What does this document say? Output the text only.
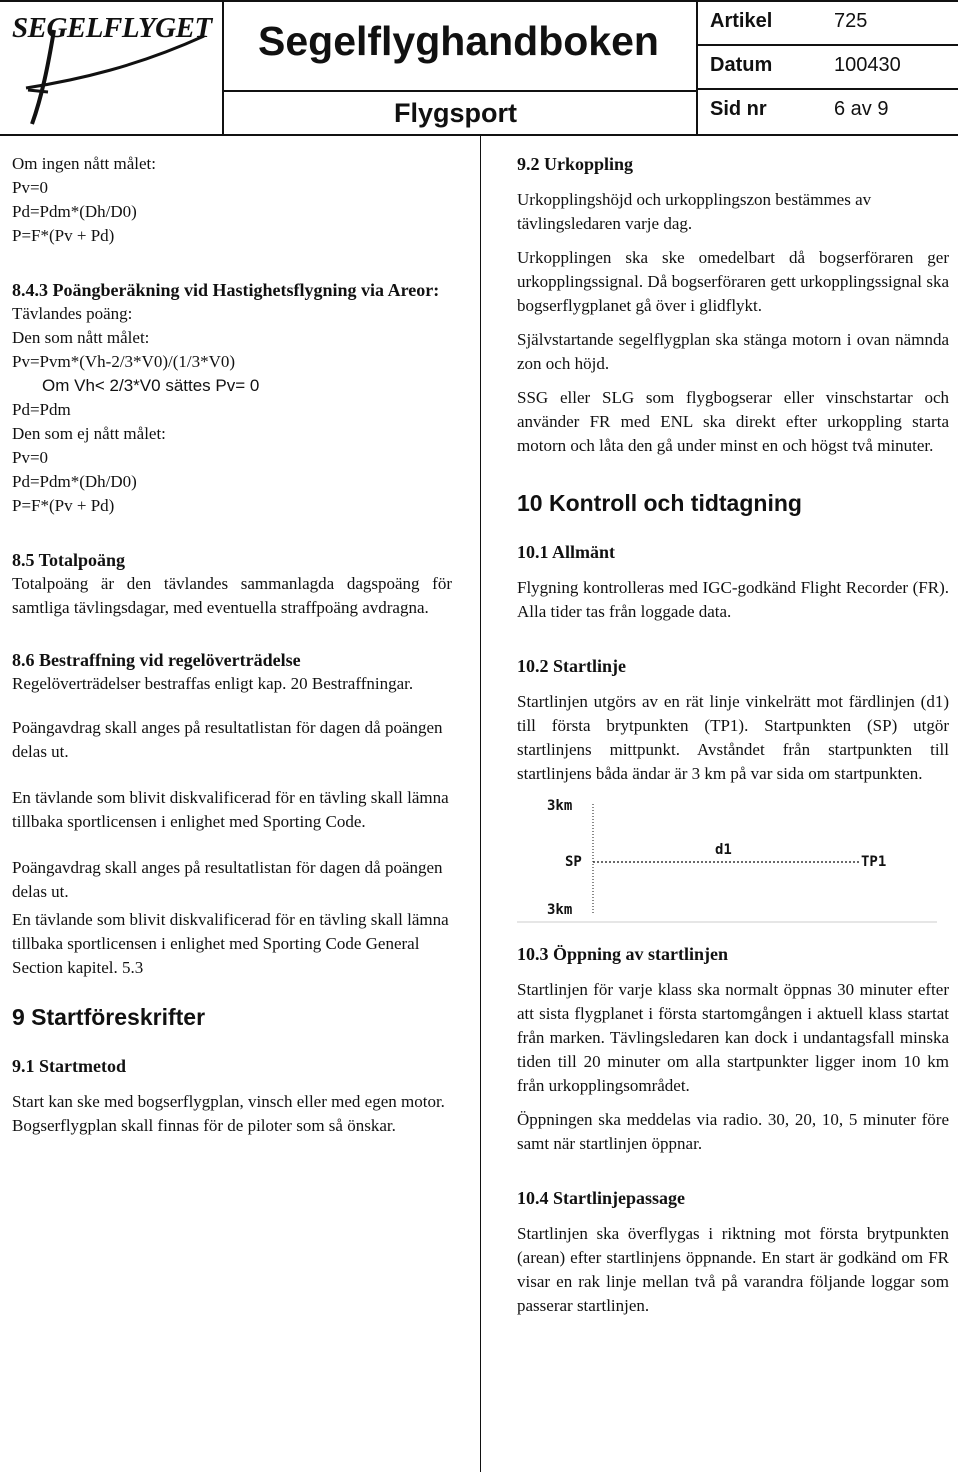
SEGELFLYGET Segelflyghandboken
Flygsport
Artikel	725
Datum	100430
Sid nr	6 av 9

Om ingen nått målet:

Pv=0

Pd=Pdm*(Dh/D0)

P=F*(Pv + Pd)

8.4.3 Poängberäkning vid Hastighetsflygning via Areor:

Tävlandes poäng:

Den som nått målet:

Pv=Pvm*(Vh-2/3*V0)/(1/3*V0)

Om Vh< 2/3*V0 sättes Pv= 0

Pd=Pdm

Den som ej nått målet:

Pv=0

Pd=Pdm*(Dh/D0)

P=F*(Pv + Pd)

8.5 Totalpoäng

Totalpoäng är den tävlandes sammanlagda dagspoäng för samtliga tävlingsdagar, med eventuella straffpoäng avdragna.

8.6 Bestraffning vid regelöverträdelse

Regelöverträdelser bestraffas enligt kap. 20 Bestraffningar.

Poängavdrag skall anges på resultatlistan för dagen då poängen delas ut.

En tävlande som blivit diskvalificerad för en tävling skall lämna tillbaka sportlicensen i enlighet med Sporting Code.

Poängavdrag skall anges på resultatlistan för dagen då poängen delas ut.

En tävlande som blivit diskvalificerad för en tävling skall lämna tillbaka sportlicensen i enlighet med Sporting Code General Section kapitel. 5.3

9 Startföreskrifter
9.1 Startmetod

Start kan ske med bogserflygplan, vinsch eller med egen motor. Bogserflygplan skall finnas för de piloter som så önskar.

9.2 Urkoppling

Urkopplingshöjd och urkopplingszon bestämmes av tävlingsledaren varje dag.

Urkopplingen ska ske omedelbart då bogserföraren ger urkopplingssignal. Då bogserföraren gett urkopplingssignal ska bogserflygplanet gå över i glidflykt.

Självstartande segelflygplan ska stänga motorn i ovan nämnda zon och höjd.

SSG eller SLG som flygbogserar eller vinschstartar och använder FR med ENL ska direkt efter urkoppling starta motorn och låta den gå under minst en och högst två minuter.

10 Kontroll och tidtagning
10.1 Allmänt

Flygning kontrolleras med IGC-godkänd Flight Recorder (FR). Alla tider tas från loggade data.

10.2 Startlinje

Startlinjen utgörs av en rät linje vinkelrätt mot färdlinjen (d1) till första brytpunkten (TP1). Startpunkten (SP) utgör startlinjens mittpunkt. Avståndet från startpunkten till startlinjens båda ändar är 3 km på var sida om startpunkten.

3km
SP
d1
TP1
3km
10.3 Öppning av startlinjen

Startlinjen för varje klass ska normalt öppnas 30 minuter efter att sista flygplanet i första startomgången i aktuell klass startat från marken. Tävlingsledaren kan dock i undantagsfall minska tiden till 20 minuter om alla startpunkter ligger inom 10 km från urkopplingsområdet.

Öppningen ska meddelas via radio. 30, 20, 10, 5 minuter före samt när startlinjen öppnar.

10.4 Startlinjepassage

Startlinjen ska överflygas i riktning mot första brytpunkten (arean) efter startlinjens öppnande. En start är godkänd om FR visar en rak linje mellan två på varandra följande loggar som passerar startlinjen.
